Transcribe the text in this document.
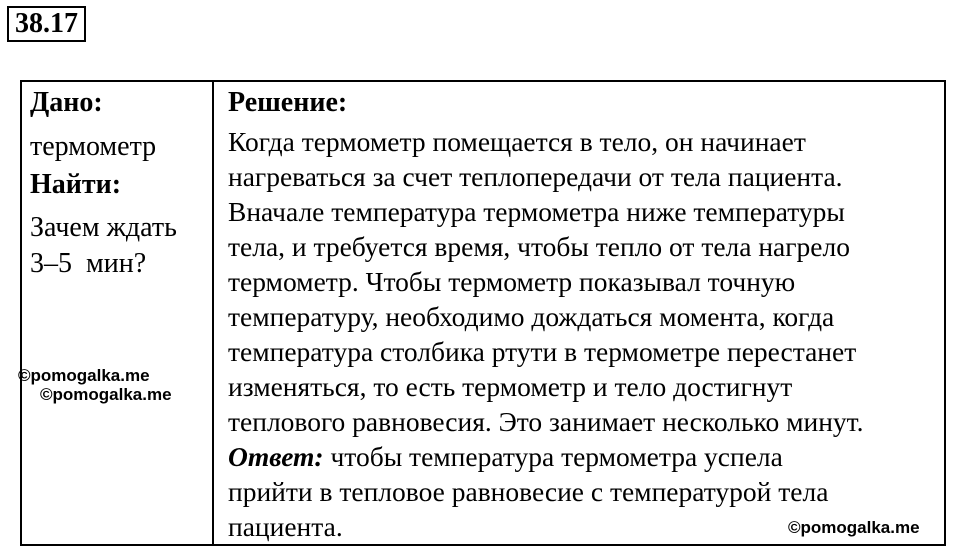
38.17
Дано:
термометр
Найти:
Зачем ждать
3–5  мин?
Решение:
Когда термометр помещается в тело, он начинает
нагреваться за счет теплопередачи от тела пациента.
Вначале температура термометра ниже температуры
тела, и требуется время, чтобы тепло от тела нагрело
термометр. Чтобы термометр показывал точную
температуру, необходимо дождаться момента, когда
температура столбика ртути в термометре перестанет
изменяться, то есть термометр и тело достигнут
теплового равновесия. Это занимает несколько минут.
Ответ: чтобы температура термометра успела
прийти в тепловое равновесие с температурой тела
пациента.
©pomogalka.me
©pomogalka.me
©pomogalka.me
